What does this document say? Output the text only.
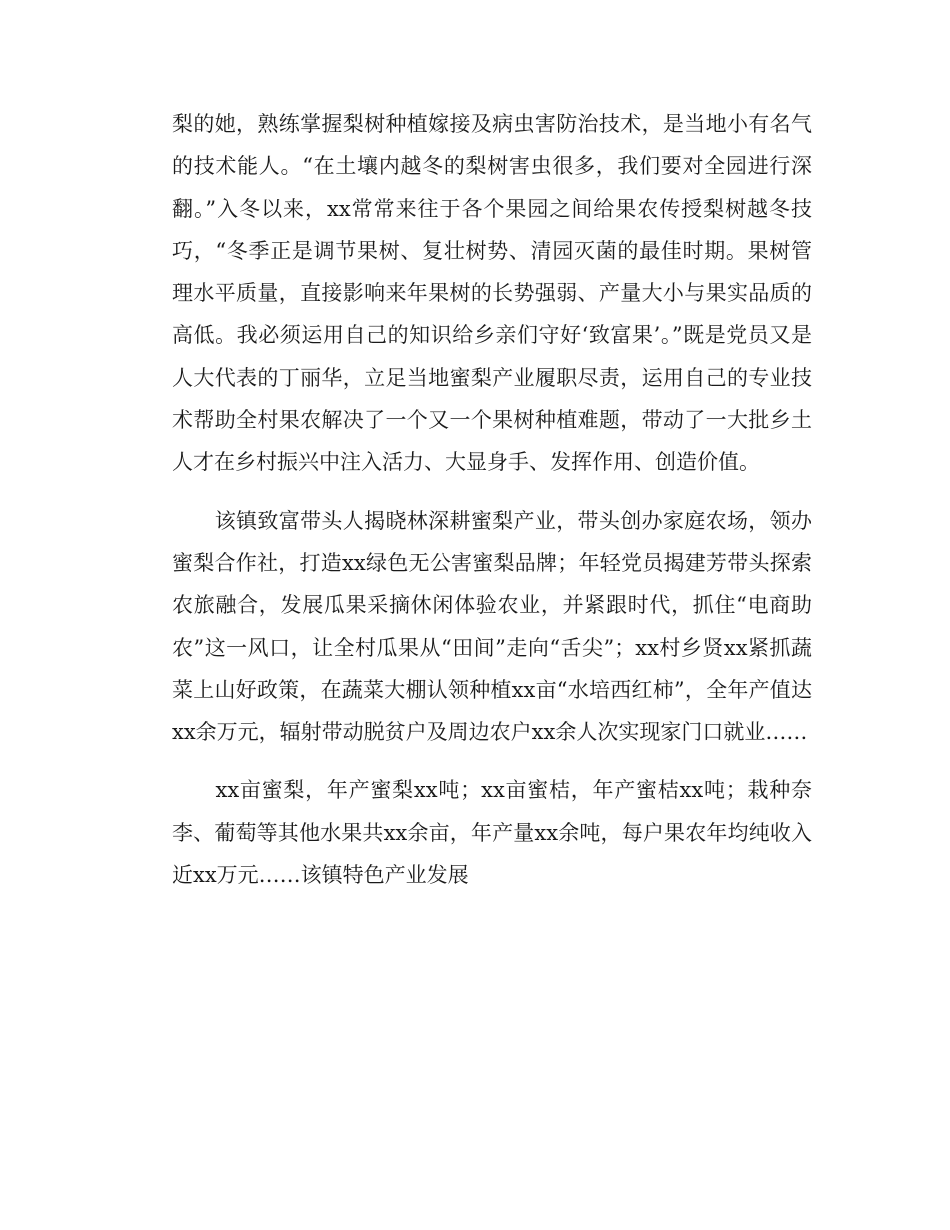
梨的她，熟练掌握梨树种植嫁接及病虫害防治技术，是当地小有名气的技术能人。“在土壤内越冬的梨树害虫很多，我们要对全园进行深翻。”入冬以来，xx常常来往于各个果园之间给果农传授梨树越冬技巧，“冬季正是调节果树、复壮树势、清园灭菌的最佳时期。果树管理水平质量，直接影响来年果树的长势强弱、产量大小与果实品质的高低。我必须运用自己的知识给乡亲们守好‘致富果’。”既是党员又是人大代表的丁丽华，立足当地蜜梨产业履职尽责，运用自己的专业技术帮助全村果农解决了一个又一个果树种植难题，带动了一大批乡土人才在乡村振兴中注入活力、大显身手、发挥作用、创造价值。

　　该镇致富带头人揭晓林深耕蜜梨产业，带头创办家庭农场，领办蜜梨合作社，打造xx绿色无公害蜜梨品牌；年轻党员揭建芳带头探索农旅融合，发展瓜果采摘休闲体验农业，并紧跟时代，抓住“电商助农”这一风口，让全村瓜果从“田间”走向“舌尖”；xx村乡贤xx紧抓蔬菜上山好政策，在蔬菜大棚认领种植xx亩“水培西红柿”，全年产值达xx余万元，辐射带动脱贫户及周边农户xx余人次实现家门口就业……

　　xx亩蜜梨，年产蜜梨xx吨；xx亩蜜桔，年产蜜桔xx吨；栽种奈李、葡萄等其他水果共xx余亩，年产量xx余吨，每户果农年均纯收入近xx万元……该镇特色产业发展
